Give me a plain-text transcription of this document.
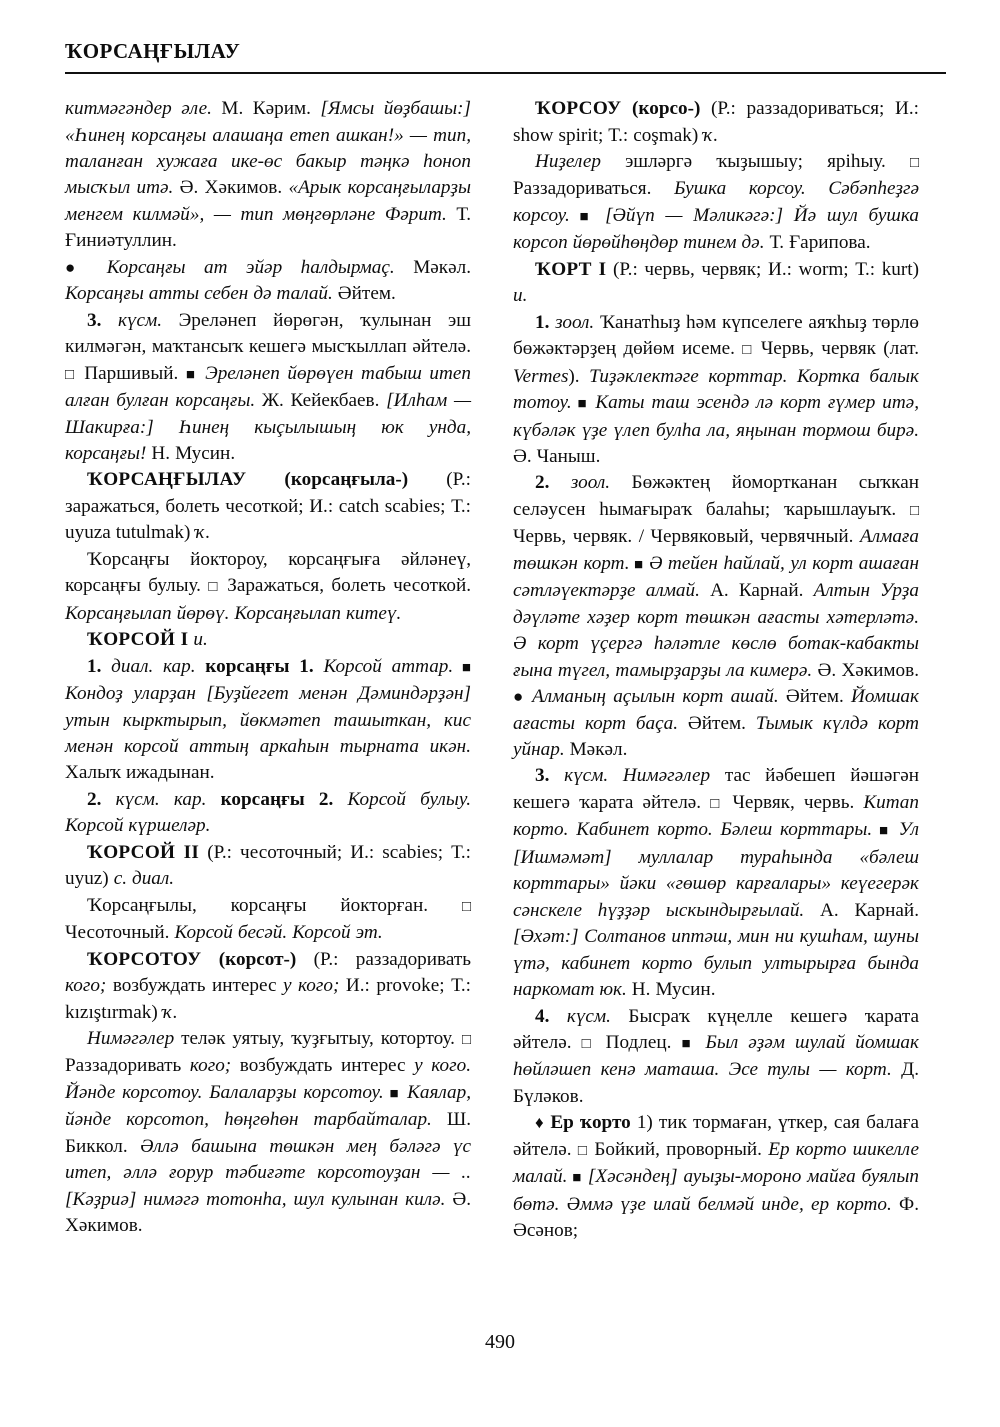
ҠОРСАҢҒЫЛАУ

китмәгәндер әле. М. Кәрим. [Ямсы йөҙбашы:] «Һинең корсаңғы алашаңа етеп ашкан!» — тип, таланған хужаға ике-өс бакыр тәңкә һоноп мысҡыл итә. Ә. Хәкимов. «Арык корсаңғыларҙы менгем килмәй», — тип мөңгөрләне Фәрит. Т. Ғиниәтуллин.

● Корсаңғы ат эйәр һалдырмаç. Мәкәл. Корсаңғы атты себен дә талай. Әйтем.

3. күсм. Эреләнеп йөрөгән, ҡулынан эш килмәгән, маҡтансыҡ кешегә мысҡыллап әйтелә. □ Паршивый. ■ Эреләнеп йөрөүен табыш итеп алған булған корсаңғы. Ж. Кейекбаев. [Илһам — Шакирға:] Һинең кыçылышың юк унда, корсаңғы! Н. Мусин.

ҠОРСАҢҒЫЛАУ (корсаңғыла-) (Р.: заражаться, болеть чесоткой; И.: catch scabies; Т.: uyuza tutulmak) ҡ.

Ҡорсаңғы йоктороу, корсаңғыға әйләнеү, корсаңғы булыу. □ Заражаться, болеть чесоткой. Корсаңғылап йөрөү. Корсаңғылап китеү.

ҠОРСОЙ I и.

1. диал. кар. корсаңғы 1. Корсой аттар. ■ Кондоҙ уларҙан [Буҙйегет менән Дәминдәрҙән] утын кырктырып, йөкмәтеп ташыткан, кис менән корсой аттың аркаһын тырната икән. Халыҡ ижадынан.

2. күсм. кар. корсаңғы 2. Корсой булыу. Корсой күршеләр.

ҠОРСОЙ II (Р.: чесоточный; И.: scabies; Т.: uyuz) с. диал.

Ҡорсаңғылы, корсаңғы йокторған. □ Чесоточный. Корсой бесәй. Корсой эт.

ҠОРСОТОУ (корсот-) (Р.: раззадоривать кого; возбуждать интерес у кого; И.: provoke; Т.: kızıştırmak) ҡ.

Нимәгәлер теләк уятыу, ҡуҙғытыу, котортоу. □ Раззадоривать кого; возбуждать интерес у кого. Йәнде корсотоу. Балаларҙы корсотоу. ■ Каялар, йәнде корсотоп, һөңгөһөн тарбайталар. Ш. Биккол. Әллә башына төшкән мең бәләгә үс итеп, әллә ғорур тәбиғәте корсотоуҙан — .. [Кәҙриә] нимәгә тотонһа, шул кулынан килә. Ә. Хәкимов.

ҠОРСОУ (корсо-) (Р.: раззадориваться; И.: show spirit; Т.: coşmak) ҡ.

Ниҙелер эшләргә ҡыҙышыу; яріһыу. □ Раззадориваться. Бушка корсоу. Сәбәпһеҙгә корсоу. ■ [Әйүп — Мәликәгә:] Йә шул бушка корсоп йөрөйһөңдөр тинем дә. Т. Ғарипова.

ҠОРТ I (Р.: червь, червяк; И.: worm; Т.: kurt) и.

1. зоол. Ҡанатһыҙ һәм күпселеге аяҡһыҙ төрлө бөжәктәрҙең дөйөм исеме. □ Червь, червяк (лат. Vermes). Тиҙәклектәге корттар. Кортка балык тотоу. ■ Каты таш эсендә лә корт ғүмер итә, күбәләк үҙе үлеп булһа ла, яңынан тормош бирә. Ә. Чаныш.

2. зоол. Бөжәктең йомортканан сыҡкан селәусен һымағыраҡ балаһы; ҡарышлауыҡ. □ Червь, червяк. / Червяковый, червячный. Алмаға төшкән корт. ■ Ә тейен һайлай, ул корт ашаған сәтләүектәрҙе алмай. А. Карнай. Алтын Урҙа дәүләте хәҙер корт төшкән ағасты хәтерләтә. Ә корт үçергә һәләтле көслө ботак-кабакты ғына түгел, тамырҙарҙы ла кимерә. Ә. Хәкимов. ● Алманың аçылын корт ашай. Әйтем. Йомшак ағасты корт баça. Әйтем. Тымык күлдә корт уйнар. Мәкәл.

3. күсм. Нимәгәлер тас йәбешеп йәшәгән кешегә ҡарата әйтелә. □ Червяк, червь. Китап корто. Кабинет корто. Бәлеш корттары. ■ Ул [Ишмәмәт] муллалар тураһында «бәлеш корттары» йәки «гөшөр карғалары» кеүегерәк сәнскеле һүҙҙәр ыскындырғылай. А. Карнай. [Әхәт:] Солтанов иптәш, мин ни кушһам, шуны үтә, кабинет корто булып ултырырға бында наркомат юк. Н. Мусин.

4. күсм. Быcраҡ күңелле кешегә ҡарата әйтелә. □ Подлец. ■ Был әҙәм шулай йомшак һөйләшеп кенә маташа. Эсе тулы — корт. Д. Бүләков.

♦ Ер ҡорто 1) тик тормаған, үткер, сая балаға әйтелә. □ Бойкий, проворный. Ер корто шикелле малай. ■ [Хәсәндең] ауыҙы-мороно майға буялып бөтә. Әммә үҙе илай белмәй инде, ер корто. Ф. Әсәнов;

490
